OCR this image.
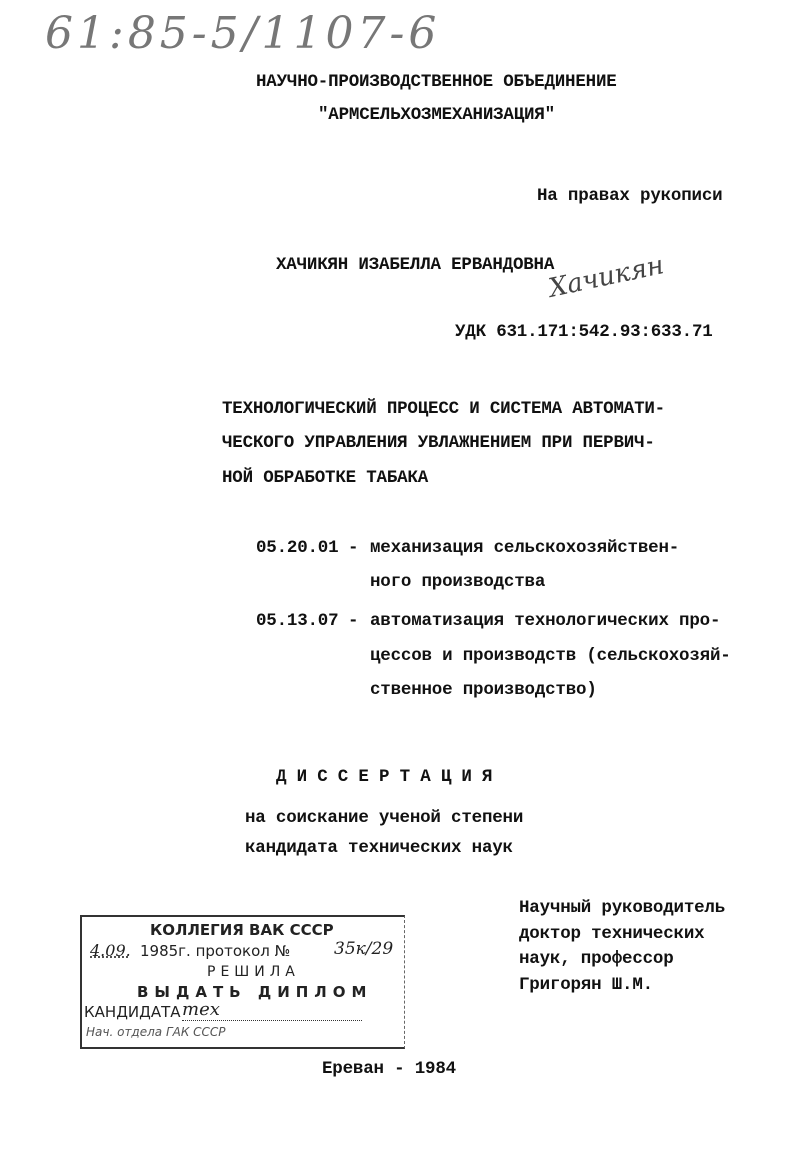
61:85-5/1107-6
НАУЧНО-ПРОИЗВОДСТВЕННОЕ ОБЪЕДИНЕНИЕ
"АРМСЕЛЬХОЗМЕХАНИЗАЦИЯ"
На правах рукописи
ХАЧИКЯН ИЗАБЕЛЛА ЕРВАНДОВНА
Хачикян
УДК 631.171:542.93:633.71
ТЕХНОЛОГИЧЕСКИЙ ПРОЦЕСС И СИСТЕМА АВТОМАТИ-
ЧЕСКОГО УПРАВЛЕНИЯ УВЛАЖНЕНИЕМ ПРИ ПЕРВИЧ-
НОЙ ОБРАБОТКЕ ТАБАКА
05.20.01 - механизация сельскохозяйствен-
ного производства
05.13.07 - автоматизация технологических про-
цессов и производств (сельскохозяй-
ственное производство)
Д И С С Е Р Т А Ц И Я
на соискание ученой степени
кандидата технических наук
Научный руководитель
доктор технических
наук, профессор
Григорян Ш.М.
КОЛЛЕГИЯ ВАК СССР
4.09. 1985г. протокол №	35к/29
РЕШИЛА
ВЫДАТЬ ДИПЛОМ
КАНДИДАТА тех
Нач. отдела ГАК СССР
Ереван - 1984
